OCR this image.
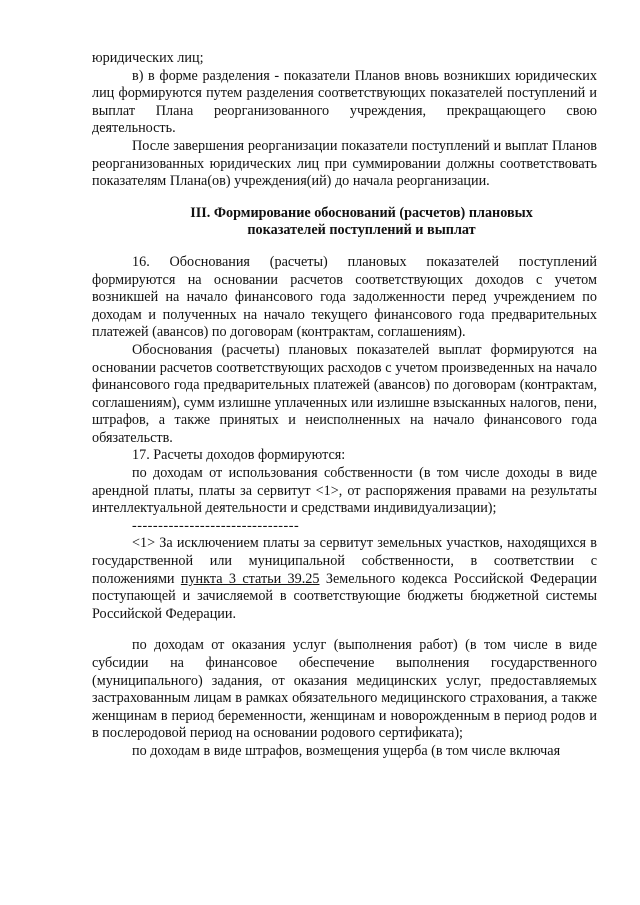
юридических лиц;

в) в форме разделения - показатели Планов вновь возникших юридических лиц формируются путем разделения соответствующих показателей поступлений и выплат Плана реорганизованного учреждения, прекращающего свою деятельность.

После завершения реорганизации показатели поступлений и выплат Планов реорганизованных юридических лиц при суммировании должны соответствовать показателям Плана(ов) учреждения(ий) до начала реорганизации.

III. Формирование обоснований (расчетов) плановых
показателей поступлений и выплат

16. Обоснования (расчеты) плановых показателей поступлений формируются на основании расчетов соответствующих доходов с учетом возникшей на начало финансового года задолженности перед учреждением по доходам и полученных на начало текущего финансового года предварительных платежей (авансов) по договорам (контрактам, соглашениям).

Обоснования (расчеты) плановых показателей выплат формируются на основании расчетов соответствующих расходов с учетом произведенных на начало финансового года предварительных платежей (авансов) по договорам (контрактам, соглашениям), сумм излишне уплаченных или излишне взысканных налогов, пени, штрафов, а также принятых и неисполненных на начало финансового года обязательств.

17. Расчеты доходов формируются:

по доходам от использования собственности (в том числе доходы в виде арендной платы, платы за сервитут <1>, от распоряжения правами на результаты интеллектуальной деятельности и средствами индивидуализации);

--------------------------------

<1> За исключением платы за сервитут земельных участков, находящихся в государственной или муниципальной собственности, в соответствии с положениями пункта 3 статьи 39.25 Земельного кодекса Российской Федерации поступающей и зачисляемой в соответствующие бюджеты бюджетной системы Российской Федерации.

по доходам от оказания услуг (выполнения работ) (в том числе в виде субсидии на финансовое обеспечение выполнения государственного (муниципального) задания, от оказания медицинских услуг, предоставляемых застрахованным лицам в рамках обязательного медицинского страхования, а также женщинам в период беременности, женщинам и новорожденным в период родов и в послеродовой период на основании родового сертификата);

по доходам в виде штрафов, возмещения ущерба (в том числе включая
